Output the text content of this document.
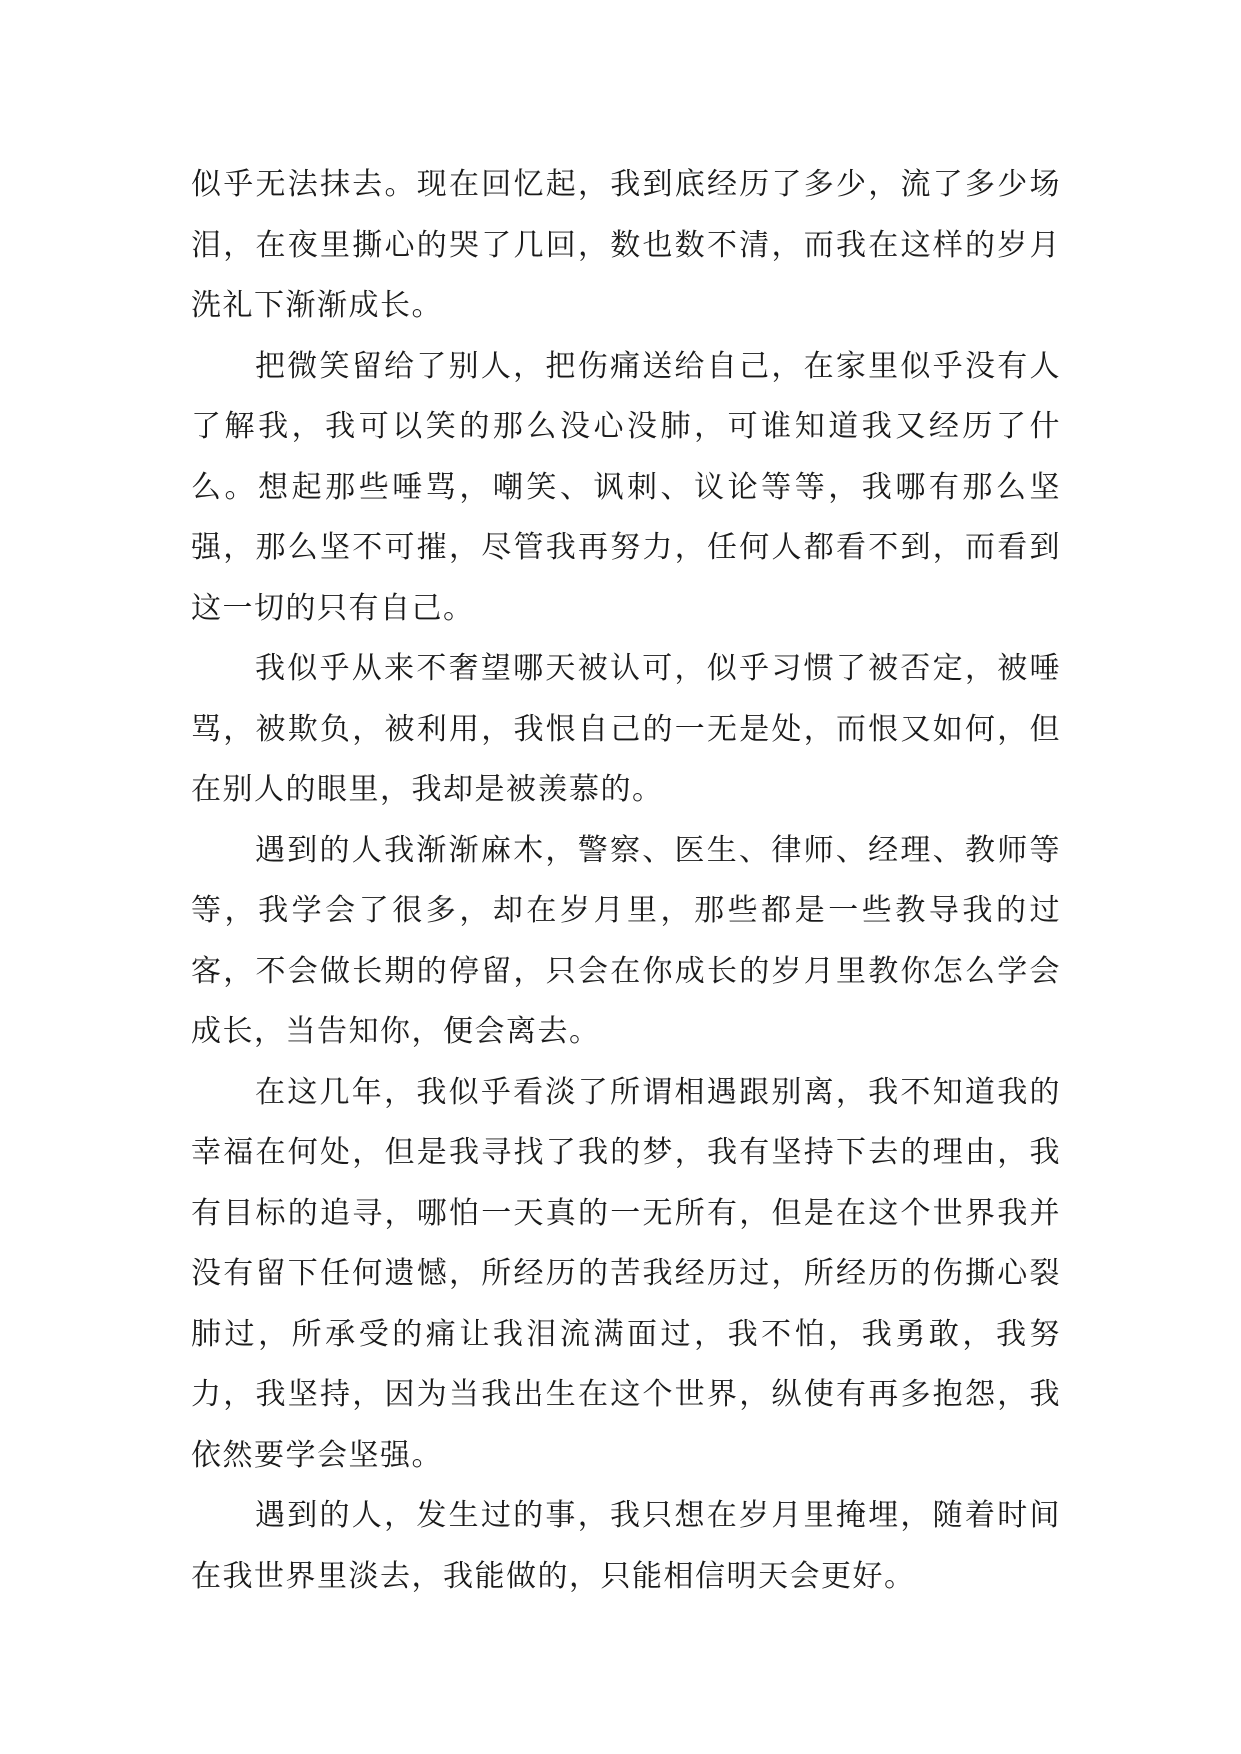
似乎无法抹去。现在回忆起，我到底经历了多少，流了多少场泪，在夜里撕心的哭了几回，数也数不清，而我在这样的岁月洗礼下渐渐成长。

把微笑留给了别人，把伤痛送给自己，在家里似乎没有人了解我，我可以笑的那么没心没肺，可谁知道我又经历了什么。想起那些唾骂，嘲笑、讽刺、议论等等，我哪有那么坚强，那么坚不可摧，尽管我再努力，任何人都看不到，而看到这一切的只有自己。

我似乎从来不奢望哪天被认可，似乎习惯了被否定，被唾骂，被欺负，被利用，我恨自己的一无是处，而恨又如何，但在别人的眼里，我却是被羡慕的。

遇到的人我渐渐麻木，警察、医生、律师、经理、教师等等，我学会了很多，却在岁月里，那些都是一些教导我的过客，不会做长期的停留，只会在你成长的岁月里教你怎么学会成长，当告知你，便会离去。

在这几年，我似乎看淡了所谓相遇跟别离，我不知道我的幸福在何处，但是我寻找了我的梦，我有坚持下去的理由，我有目标的追寻，哪怕一天真的一无所有，但是在这个世界我并没有留下任何遗憾，所经历的苦我经历过，所经历的伤撕心裂肺过，所承受的痛让我泪流满面过，我不怕，我勇敢，我努力，我坚持，因为当我出生在这个世界，纵使有再多抱怨，我依然要学会坚强。

遇到的人，发生过的事，我只想在岁月里掩埋，随着时间在我世界里淡去，我能做的，只能相信明天会更好。
